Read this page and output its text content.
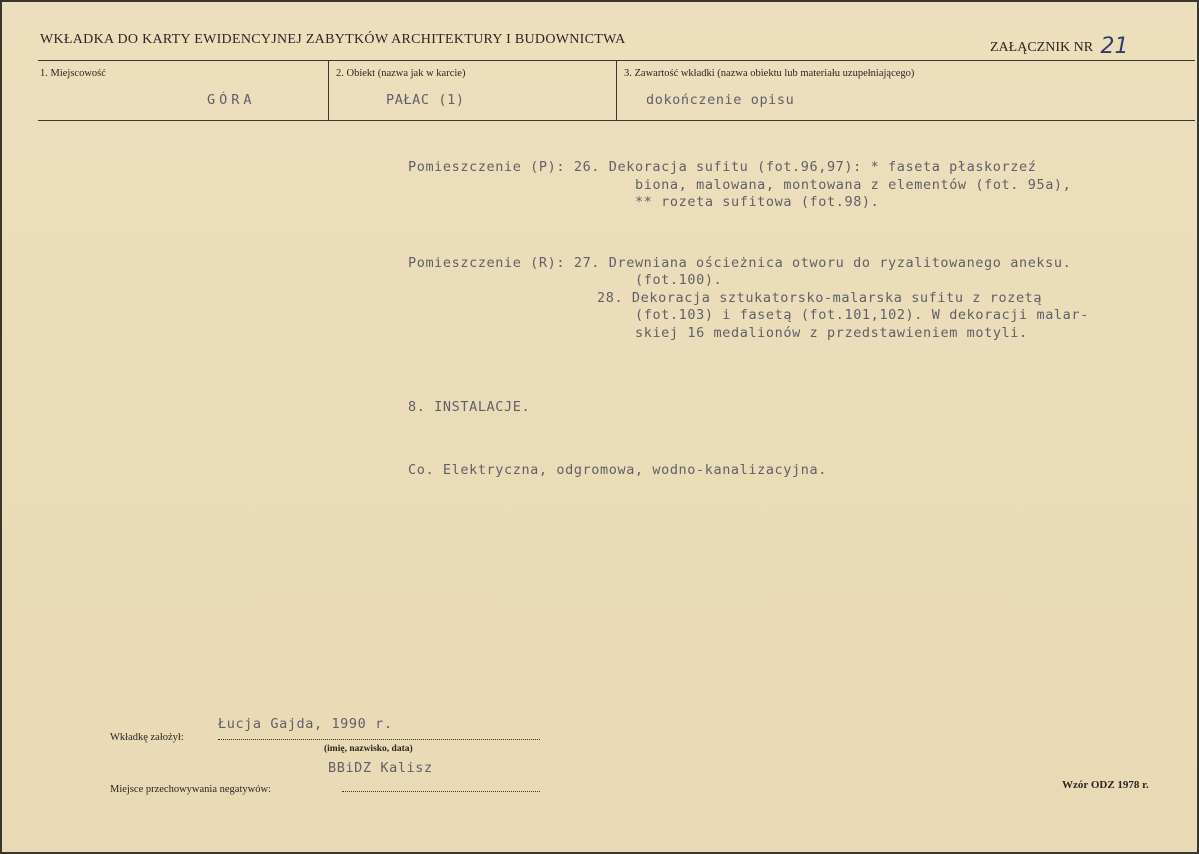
WKŁADKA DO KARTY EWIDENCYJNEJ ZABYTKÓW ARCHITEKTURY I BUDOWNICTWA
ZAŁĄCZNIK NR 21
1. Miejscowość	2. Obiekt (nazwa jak w karcie)	3. Zawartość wkładki (nazwa obiektu lub materiału uzupełniającego)
GÓRA	PAŁAC (1)	dokończenie opisu

Pomieszczenie (P): 26. Dekoracja sufitu (fot.96,97): * faseta płaskorzeź
biona, malowana, montowana z elementów (fot. 95a),
** rozeta sufitowa (fot.98).

Pomieszczenie (R): 27. Drewniana ościeżnica otworu do ryzalitowanego aneksu.
(fot.100).
28. Dekoracja sztukatorsko-malarska sufitu z rozetą
(fot.103) i fasetą (fot.101,102). W dekoracji malar-
skiej 16 medalionów z przedstawieniem motyli.

8. INSTALACJE.

Co. Elektryczna, odgromowa, wodno-kanalizacyjna.

Łucja Gajda, 1990 r.
Wkładkę założył:
(imię, nazwisko, data)
BBiDZ Kalisz
Miejsce przechowywania negatywów:	Wzór ODZ 1978 r.
